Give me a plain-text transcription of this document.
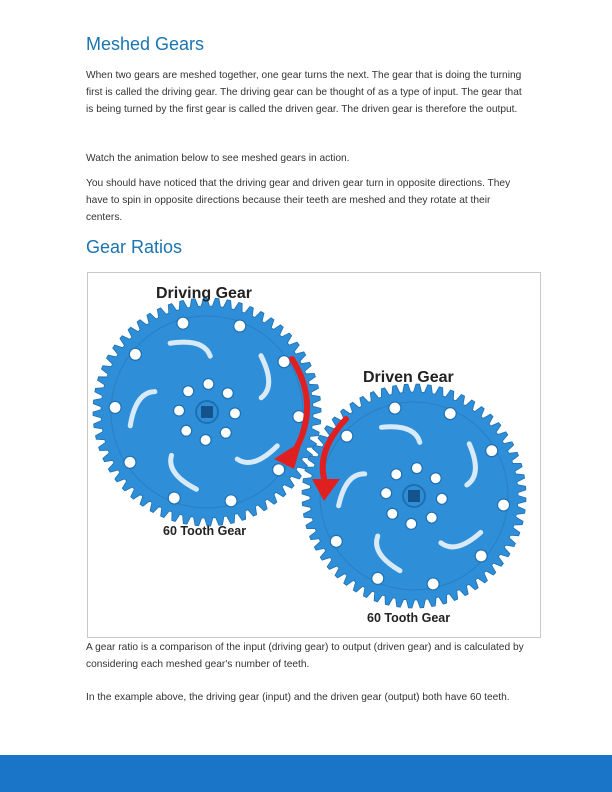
Meshed Gears

When two gears are meshed together, one gear turns the next. The gear that is doing the turning first is called the driving gear. The driving gear can be thought of as a type of input. The gear that is being turned by the first gear is called the driven gear. The driven gear is therefore the output.

Watch the animation below to see meshed gears in action.

You should have noticed that the driving gear and driven gear turn in opposite directions. They have to spin in opposite directions because their teeth are meshed and they rotate at their centers.

Gear Ratios
Driving Gear
Driven Gear
60 Tooth Gear
60 Tooth Gear

A gear ratio is a comparison of the input (driving gear) to output (driven gear) and is calculated by considering each meshed gear's number of teeth.

In the example above, the driving gear (input) and the driven gear (output) both have 60 teeth.
